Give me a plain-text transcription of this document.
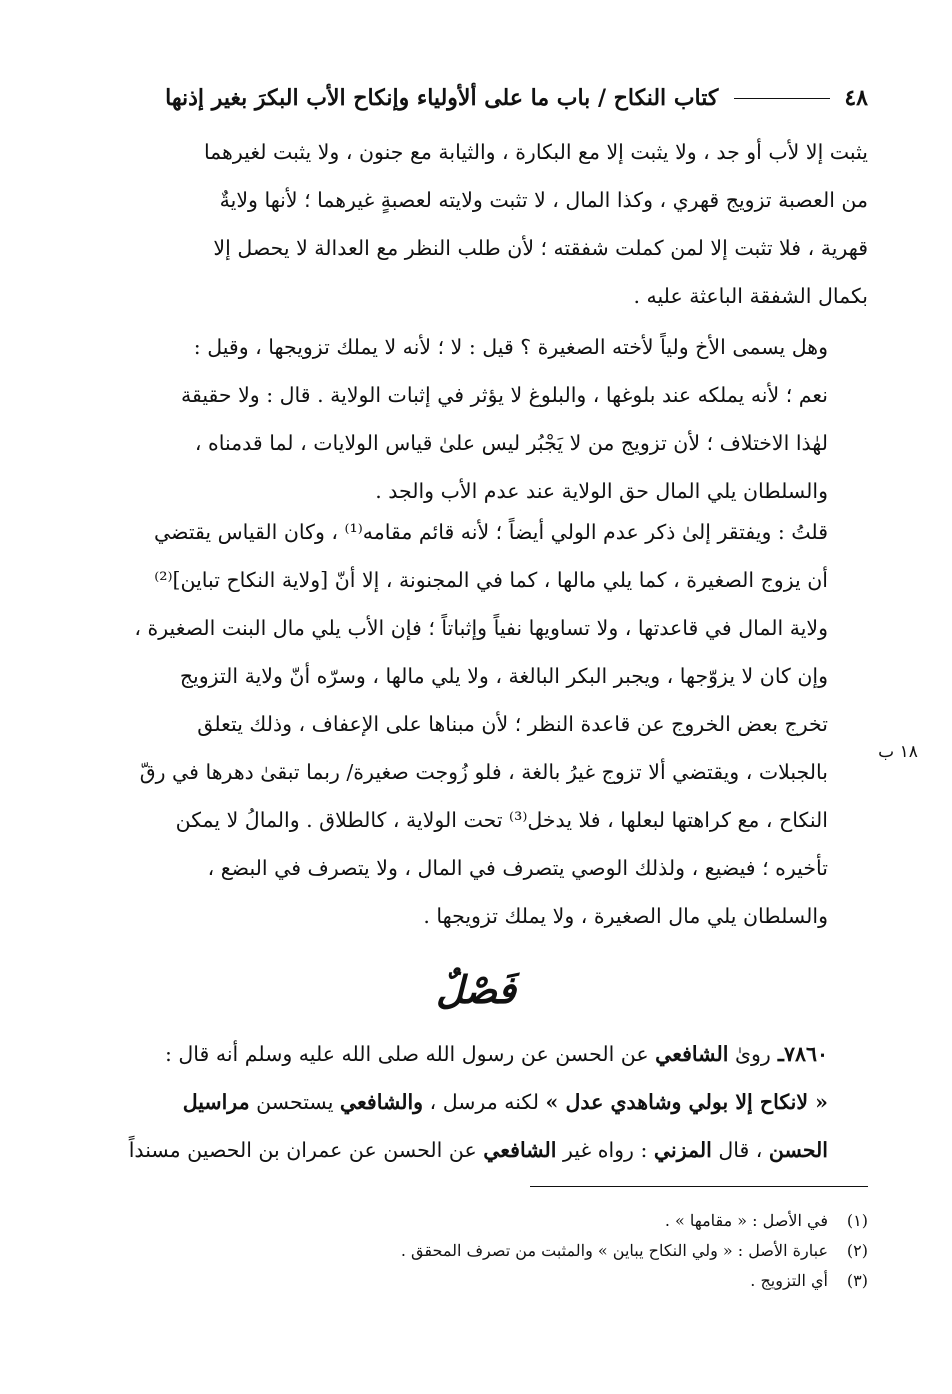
٤٨
كتاب النكاح / باب ما على ألأولياء وإنكاح الأب البكرَ بغير إذنها
يثبت إلا لأب أو جد ، ولا يثبت إلا مع البكارة ، والثيابة مع جنون ، ولا يثبت لغيرهما
من العصبة تزويج قهري ، وكذا المال ، لا تثبت ولايته لعصبةٍ غيرهما ؛ لأنها ولايةٌ
قهرية ، فلا تثبت إلا لمن كملت شفقته ؛ لأن طلب النظر مع العدالة لا يحصل إلا
بكمال الشفقة الباعثة عليه .
وهل يسمى الأخ ولياً لأخته الصغيرة ؟ قيل : لا ؛ لأنه لا يملك تزويجها ، وقيل :
نعم ؛ لأنه يملكه عند بلوغها ، والبلوغ لا يؤثر في إثبات الولاية . قال : ولا حقيقة
لهٰذا الاختلاف ؛ لأن تزويج من لا يَجْبُر ليس علىٰ قياس الولايات ، لما قدمناه ،
والسلطان يلي المال حق الولاية عند عدم الأب والجد .
قلتُ : ويفتقر إلىٰ ذكر عدم الولي أيضاً ؛ لأنه قائم مقامه⁽¹⁾ ، وكان القياس يقتضي
أن يزوج الصغيرة ، كما يلي مالها ، كما في المجنونة ، إلا أنّ [ولاية النكاح تباين]⁽²⁾
ولاية المال في قاعدتها ، ولا تساويها نفياً وإثباتاً ؛ فإن الأب يلي مال البنت الصغيرة ،
وإن كان لا يزوّجها ، ويجبر البكر البالغة ، ولا يلي مالها ، وسرّه أنّ ولاية التزويج
تخرج بعض الخروج عن قاعدة النظر ؛ لأن مبناها على الإعفاف ، وذلك يتعلق
بالجبلات ، ويقتضي ألا تزوج غيرُ بالغة ، فلو زُوجت صغيرة/ ربما تبقىٰ دهرها في رقّ
النكاح ، مع كراهتها لبعلها ، فلا يدخل⁽³⁾ تحت الولاية ، كالطلاق . والمالُ لا يمكن
تأخيره ؛ فيضيع ، ولذلك الوصي يتصرف في المال ، ولا يتصرف في البضع ،
والسلطان يلي مال الصغيرة ، ولا يملك تزويجها .
١٨ ب
فَصْلٌ
٧٨٦٠ـ روىٰ الشافعي عن الحسن عن رسول الله صلى الله عليه وسلم أنه قال :
« لانكاح إلا بولي وشاهدي عدل » لكنه مرسل ، والشافعي يستحسن مراسيل
الحسن ، قال المزني : رواه غير الشافعي عن الحسن عن عمران بن الحصين مسنداً
(١)
في الأصل : « مقامها » .
(٢)
عبارة الأصل : « ولي النكاح يباين » والمثبت من تصرف المحقق .
(٣)
أي التزويج .
